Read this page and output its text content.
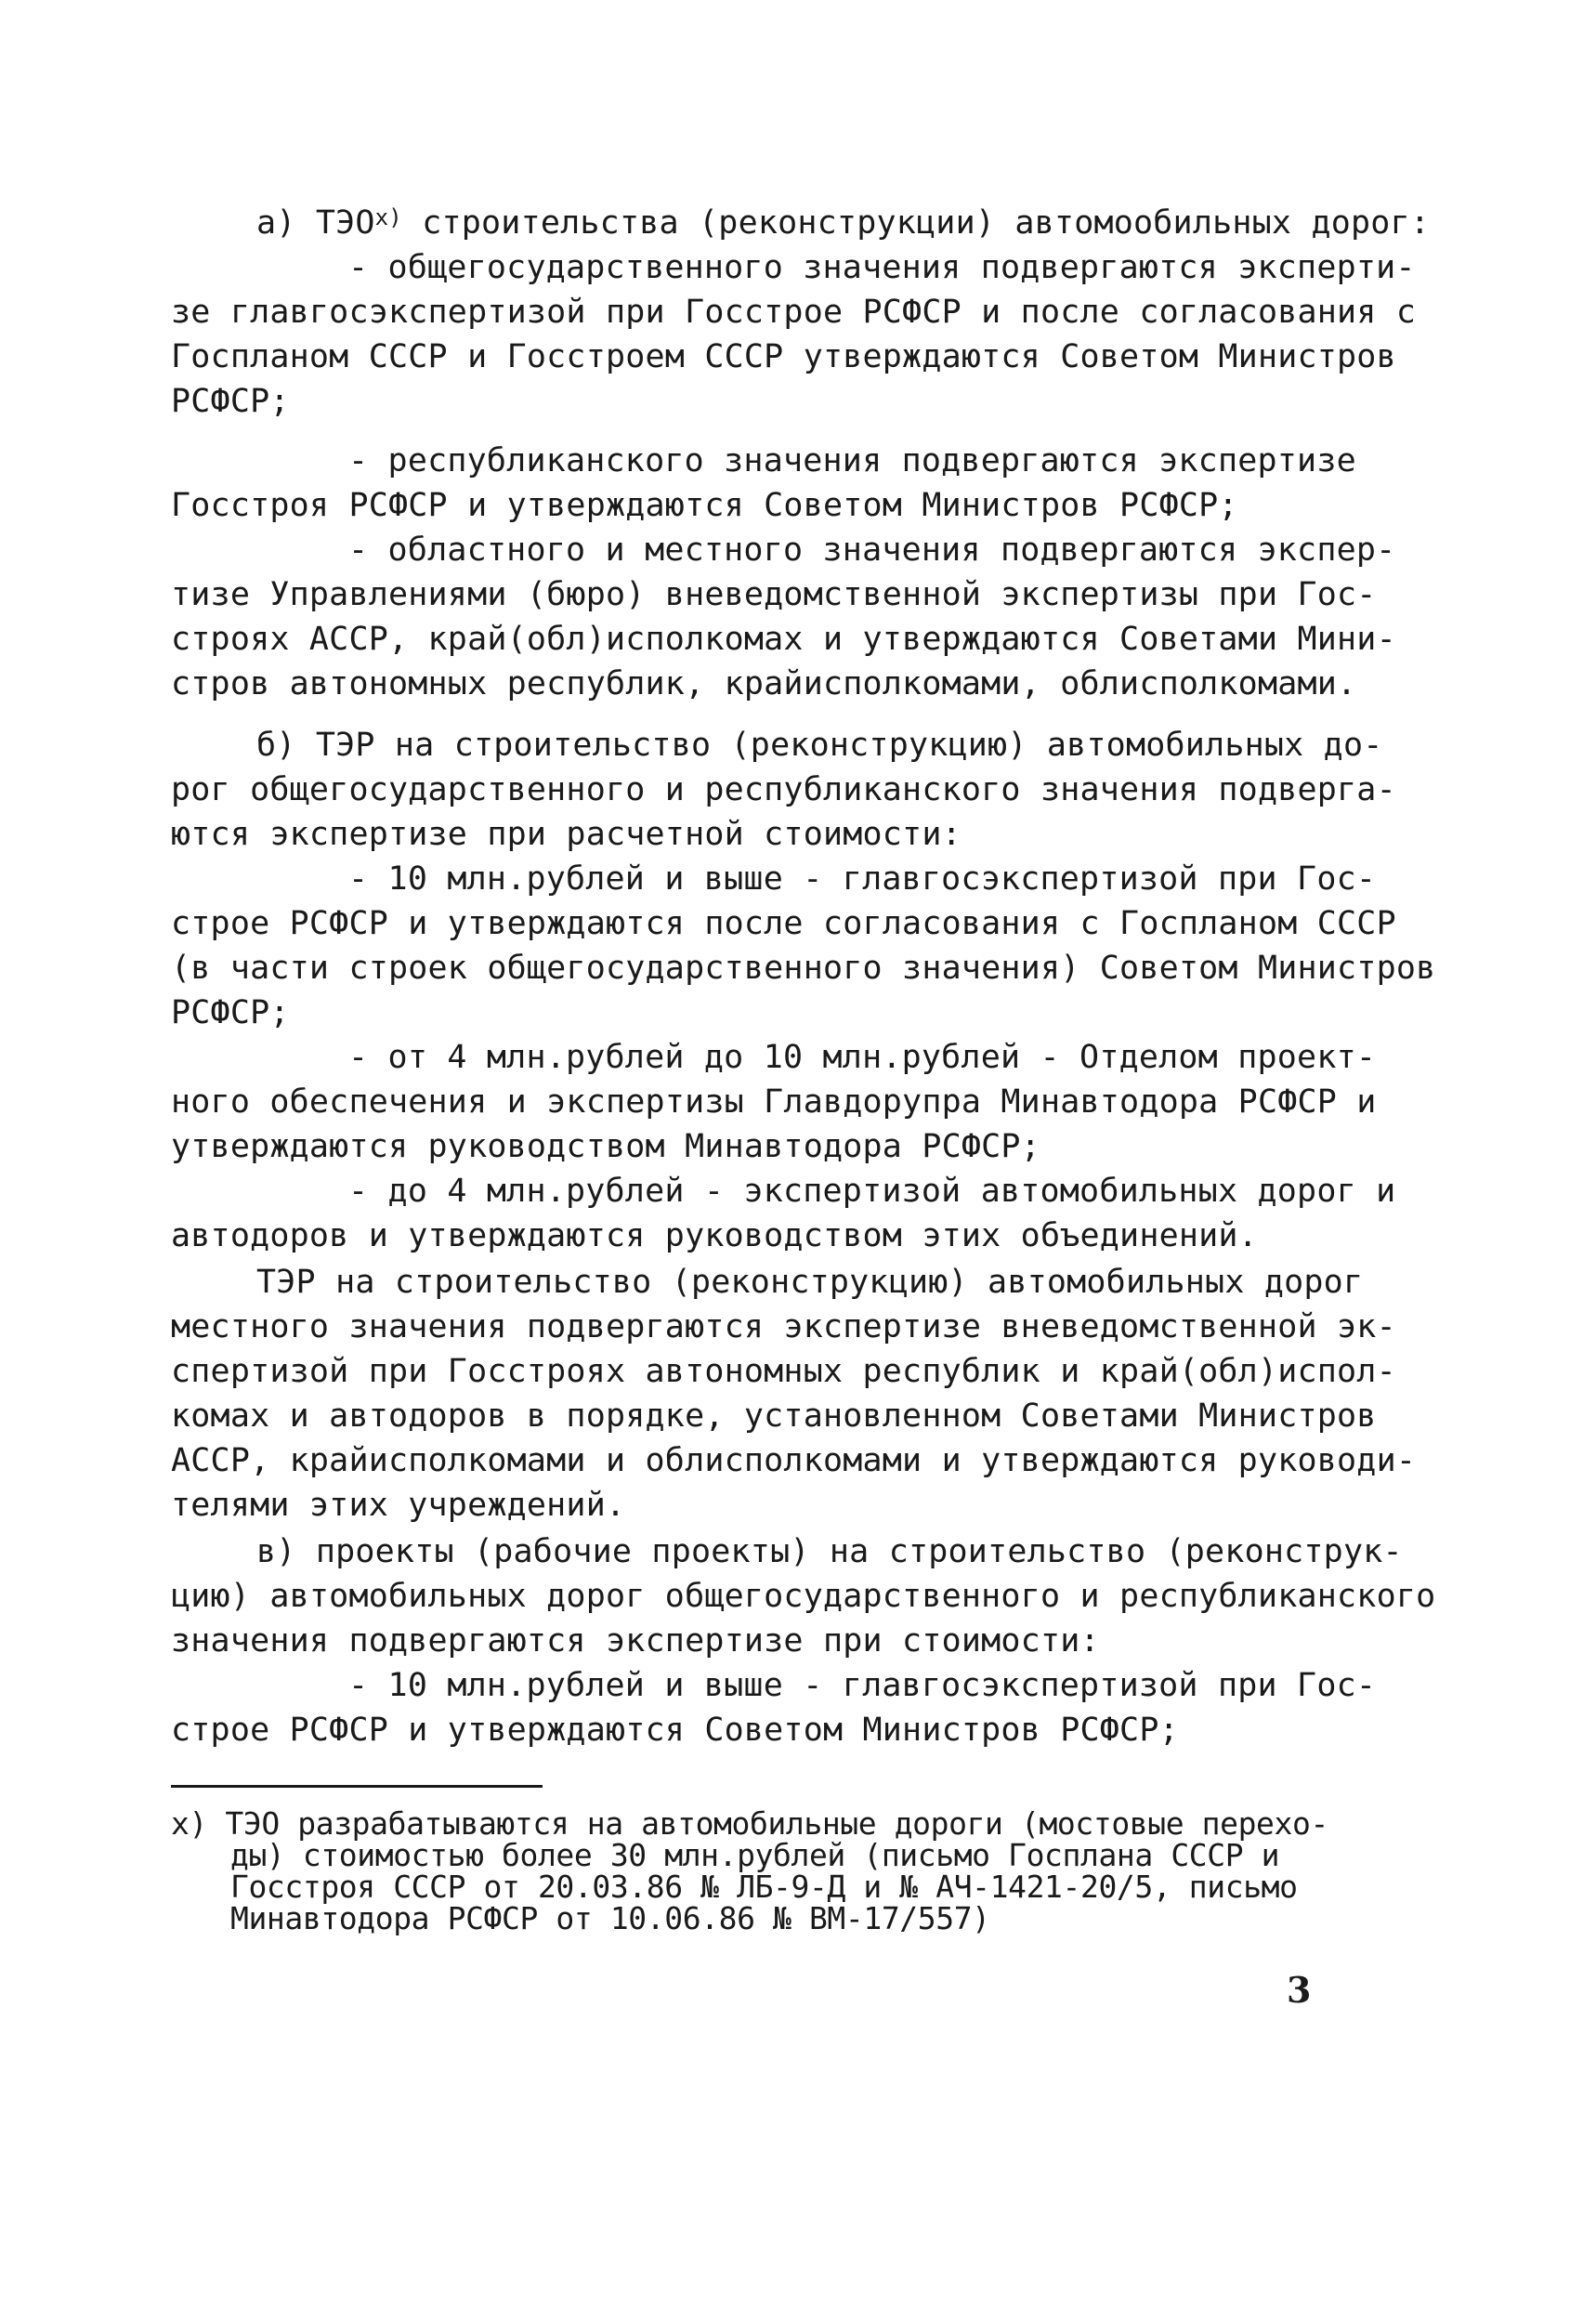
а) $ТЭО^{х)}$ строительства (реконструкции) автомообильных дорог:
- общегосударственного значения подвергаются эксперти-
зе главгосэкспертизой при Госстрое РСФСР и после согласования с
Госпланом СССР и Госстроем СССР утверждаются Советом Министров
РСФСР;
- республиканского значения подвергаются экспертизе
Госстроя РСФСР и утверждаются Советом Министров РСФСР;
- областного и местного значения подвергаются экспер-
тизе Управлениями (бюро) вневедомственной экспертизы при Гос-
строях АССР, край(обл)исполкомах и утверждаются Советами Мини-
стров автономных республик, крайисполкомами, облисполкомами.
б) ТЭР на строительство (реконструкцию) автомобильных до-
рог общегосударственного и республиканского значения подверга-
ются экспертизе при расчетной стоимости:
- 10 млн.рублей и выше - главгосэкспертизой при Гос-
строе РСФСР и утверждаются после согласования с Госпланом СССР
(в части строек общегосударственного значения) Советом Министров
РСФСР;
- от 4 млн.рублей до 10 млн.рублей - Отделом проект-
ного обеспечения и экспертизы Главдорупра Минавтодора РСФСР и
утверждаются руководством Минавтодора РСФСР;
- до 4 млн.рублей - экспертизой автомобильных дорог и
автодоров и утверждаются руководством этих объединений.
ТЭР на строительство (реконструкцию) автомобильных дорог
местного значения подвергаются экспертизе вневедомственной эк-
спертизой при Госстроях автономных республик и край(обл)испол-
комах и автодоров в порядке, установленном Советами Министров
АССР, крайисполкомами и облисполкомами и утверждаются руководи-
телями этих учреждений.
в) проекты (рабочие проекты) на строительство (реконструк-
цию) автомобильных дорог общегосударственного и республиканского
значения подвергаются экспертизе при стоимости:
- 10 млн.рублей и выше - главгосэкспертизой при Гос-
строе РСФСР и утверждаются Советом Министров РСФСР;
х) ТЭО разрабатываются на автомобильные дороги (мостовые перехо-
ды) стоимостью более 30 млн.рублей (письмо Госплана СССР и
Госстроя СССР от 20.03.86 № ЛБ-9-Д и № АЧ-1421-20/5, письмо
Минавтодора РСФСР от 10.06.86 № ВМ-17/557)
3
